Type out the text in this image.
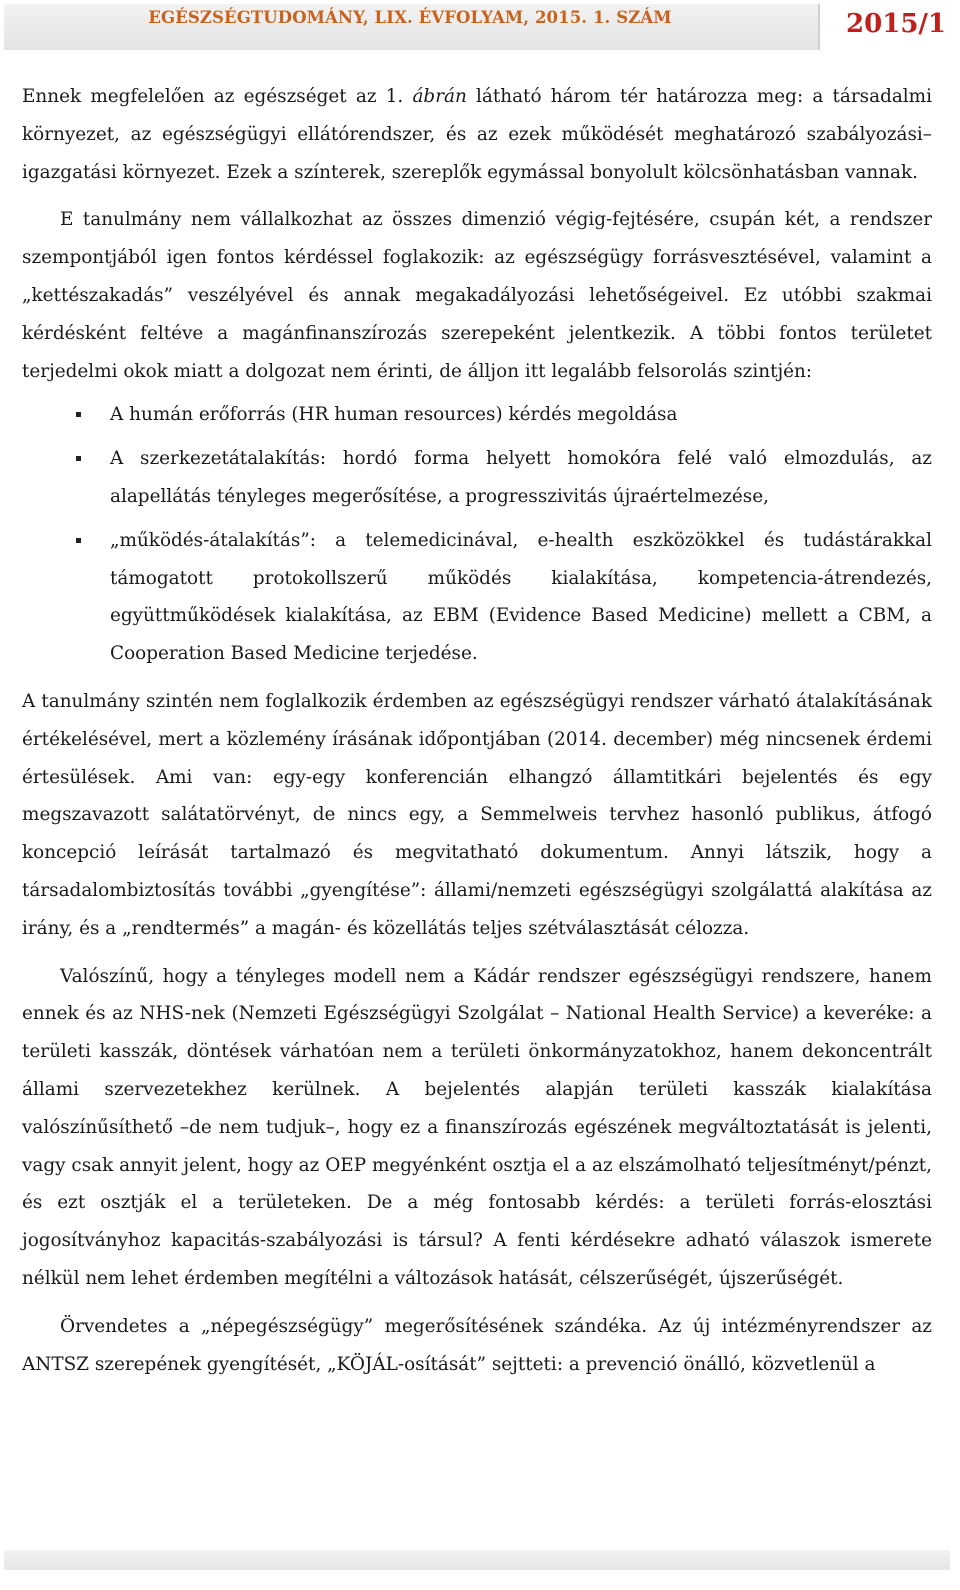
EGÉSZSÉGTUDOMÁNY, LIX. ÉVFOLYAM, 2015. 1. SZÁM	2015/1

Ennek megfelelően az egészséget az 1. ábrán látható három tér határozza meg: a társadalmi környezet, az egészségügyi ellátórendszer, és az ezek működését meghatározó szabályozási– igazgatási környezet. Ezek a színterek, szereplők egymással bonyolult kölcsönhatásban vannak.

E tanulmány nem vállalkozhat az összes dimenzió végig-fejtésére, csupán két, a rendszer szempontjából igen fontos kérdéssel foglakozik: az egészségügy forrásvesztésével, valamint a „kettészakadás” veszélyével és annak megakadályozási lehetőségeivel. Ez utóbbi szakmai kérdésként feltéve a magánfinanszírozás szerepeként jelentkezik. A többi fontos területet terjedelmi okok miatt a dolgozat nem érinti, de álljon itt legalább felsorolás szintjén:

A humán erőforrás (HR human resources) kérdés megoldása
A szerkezetátalakítás: hordó forma helyett homokóra felé való elmozdulás, az alapellátás tényleges megerősítése, a progresszivitás újraértelmezése,
„működés-átalakítás”: a telemedicinával, e-health eszközökkel és tudástárakkal támogatott protokollszerű működés kialakítása, kompetencia-átrendezés, együttműködések kialakítása, az EBM (Evidence Based Medicine) mellett a CBM, a Cooperation Based Medicine terjedése.

A tanulmány szintén nem foglalkozik érdemben az egészségügyi rendszer várható átalakításának értékelésével, mert a közlemény írásának időpontjában (2014. december) még nincsenek érdemi értesülések. Ami van: egy-egy konferencián elhangzó államtitkári bejelentés és egy megszavazott salátatörvényt, de nincs egy, a Semmelweis tervhez hasonló publikus, átfogó koncepció leírását tartalmazó és megvitatható dokumentum. Annyi látszik, hogy a társadalombiztosítás további „gyengítése”: állami/nemzeti egészségügyi szolgálattá alakítása az irány, és a „rendtermés” a magán- és közellátás teljes szétválasztását célozza.

Valószínű, hogy a tényleges modell nem a Kádár rendszer egészségügyi rendszere, hanem ennek és az NHS-nek (Nemzeti Egészségügyi Szolgálat – National Health Service) a keveréke: a területi kasszák, döntések várhatóan nem a területi önkormányzatokhoz, hanem dekoncentrált állami szervezetekhez kerülnek. A bejelentés alapján területi kasszák kialakítása valószínűsíthető –de nem tudjuk–, hogy ez a finanszírozás egészének megváltoztatását is jelenti, vagy csak annyit jelent, hogy az OEP megyénként osztja el a az elszámolható teljesítményt/pénzt, és ezt osztják el a területeken. De a még fontosabb kérdés: a területi forrás-elosztási jogosítványhoz kapacitás-szabályozási is társul? A fenti kérdésekre adható válaszok ismerete nélkül nem lehet érdemben megítélni a változások hatását, célszerűségét, újszerűségét.

Örvendetes a „népegészségügy” megerősítésének szándéka. Az új intézményrendszer az ANTSZ szerepének gyengítését, „KÖJÁL-osítását” sejtteti: a prevenció önálló, közvetlenül a
